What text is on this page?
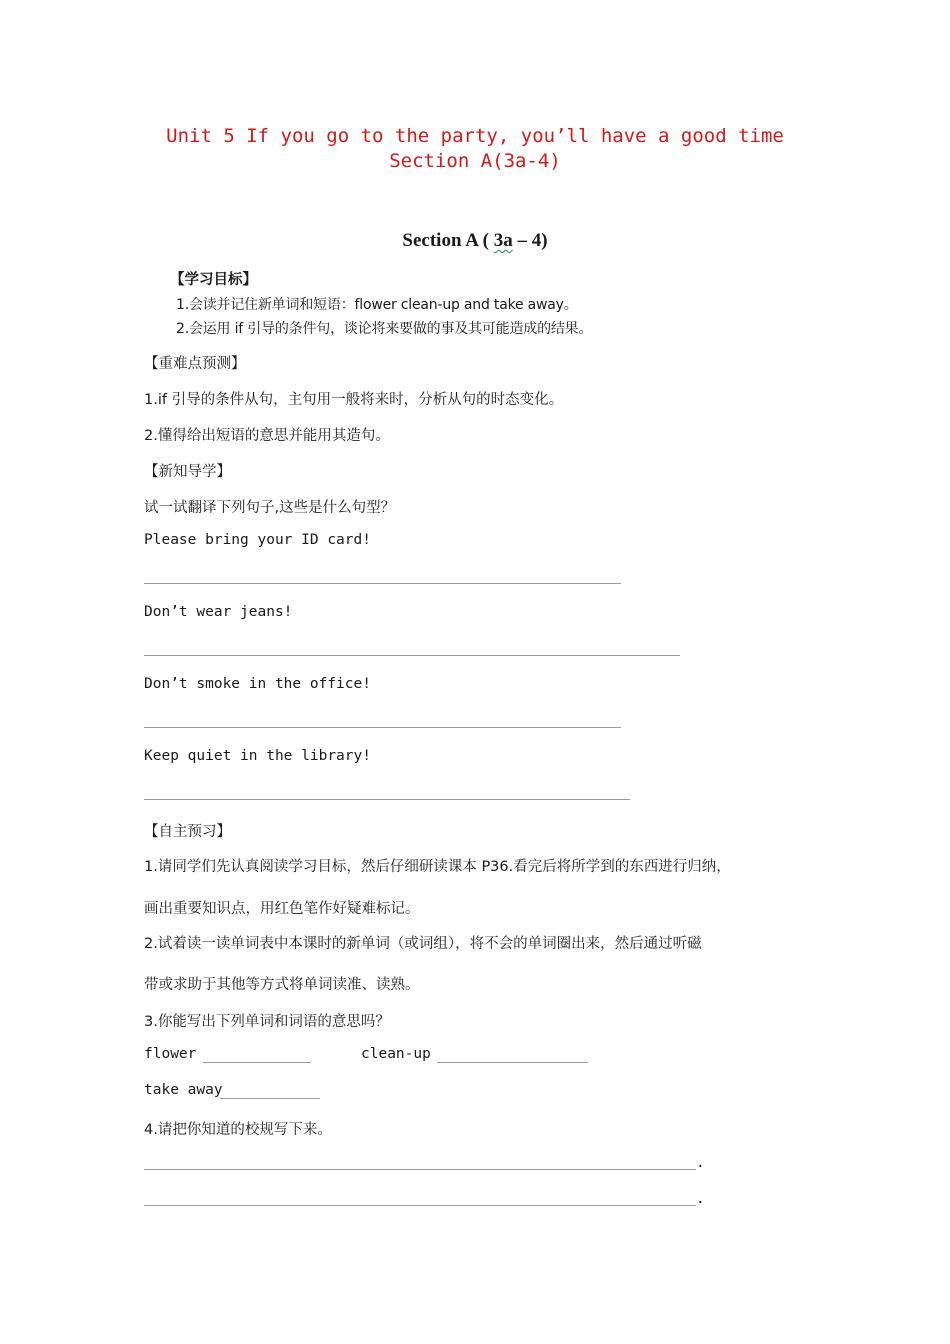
Unit 5 If you go to the party, you’ll have a good time
Section A(3a-4)
Section A ( 3a – 4)
【学习目标】
1.会读并记住新单词和短语：flower clean-up and take away。
2.会运用 if 引导的条件句，谈论将来要做的事及其可能造成的结果。
【重难点预测】
1.if 引导的条件从句，主句用一般将来时，分析从句的时态变化。
2.懂得给出短语的意思并能用其造句。
【新知导学】
试一试翻译下列句子,这些是什么句型？
Please bring your ID card!
Don’t wear jeans!
Don’t smoke in the office!
Keep quiet in the library!
【自主预习】
1.请同学们先认真阅读学习目标，然后仔细研读课本 P36.看完后将所学到的东西进行归纳，
画出重要知识点，用红色笔作好疑难标记。
2.试着读一读单词表中本课时的新单词（或词组），将不会的单词圈出来，然后通过听磁
带或求助于其他等方式将单词读准、读熟。
3.你能写出下列单词和词语的意思吗？
flower	clean-up
take away
4.请把你知道的校规写下来。
.
.
